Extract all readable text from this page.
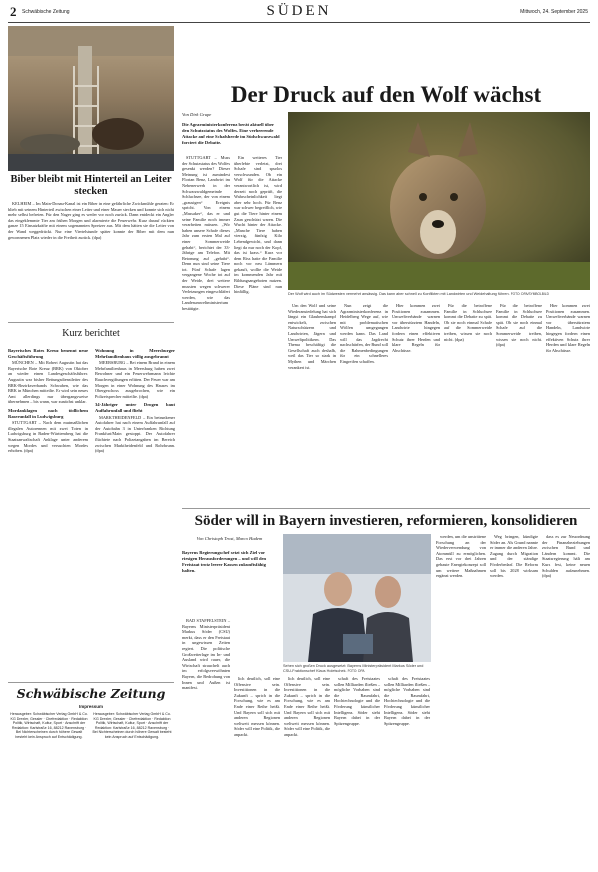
2 Schwäbische Zeitung	SÜDEN	Mittwoch, 24. September 2025
Biber bleibt mit Hinterteil an Leiter stecken

KELHEIM – Im Main-Donau-Kanal ist ein Biber in eine gefährliche Zwickmühle geraten: Er blieb mit seinem Hinterteil zwischen einer Leiter und einer Mauer stecken und konnte sich nicht mehr selbst befreien. Für den Nager ging es weder vor noch zurück. Dann entdeckt ein Angler das eingeklemmte Tier am frühen Morgen und alarmierte die Feuerwehr. Kurz darauf rückten ganze 15 Einsatzkräfte mit einem sogenannten Spreizer aus. Mit dem hätten sie die Leiter von der Wand weggedrückt. Nur eine Viertelstunde später konnte der Biber mit dem nun gewonnenen Platz wieder in die Freiheit zurück. (dpa)

Kurz berichtet
Bayerisches Rotes Kreuz benennt neue Geschäftsführung

MÜNCHEN – Mit Robert Augustin hat das Bayerische Rote Kreuz (BRK) von Oktober an wieder einen Landesgeschäftsführer. Augustin war bisher Rettungsdienstleiter des BRK-Bezirksverbands Schwaben, wie das BRK in München mitteilte. Er wird sein neues Amt allerdings nur übergangsweise übernehmen – bis wann, war zunächst unklar.

Mordanklagen nach tödlichem Raserunfall in Ludwigsburg

STUTTGART – Nach dem mutmaßlichen illegalen Autorennen mit zwei Toten in Ludwigsburg in Baden-Württemberg hat die Staatsanwaltschaft Anklage unter anderem wegen Mordes und versuchten Mordes erhoben. (dpa)

Wohnung in Meersburger Mehrfamilienhaus völlig ausgebrannt

MEERSBURG – Bei einem Brand in einem Mehrfamilienhaus in Meersburg haben zwei Bewohner und ein Feuerwehrmann leichte Rauchvergiftungen erlitten. Der Feuer war am Morgen in einer Wohnung des Hauses im Obergeschoss ausgebrochen, wie ein Polizeisprecher mitteilte. (dpa)

34-Jähriger unter Drogen baut Auffahrunfall und flieht

MARKTHEIDENFELD – Ein betrunkener Autofahrer hat nach einem Auffahrunfall auf der Autobahn 3 in Unterfranken Richtung Frankfurt/Main gestoppt. Der Autofahrer flüchtete nach Polizeiangaben im Bereich zwischen Marktheidenfeld und Rohrbrunn. (dpa)

Schwäbische Zeitung
Impressum
Herausgeber: Schwäbischer Verlag GmbH & Co. KG Drexler, Gessler · Chefredaktion · Redaktion Politik, Wirtschaft, Kultur, Sport · Anschrift der Redaktion: Karlstraße 16, 88212 Ravensburg · Bei Nichterscheinen durch höhere Gewalt besteht kein Anspruch auf Entschädigung.
Herausgeber: Schwäbischer Verlag GmbH & Co. KG Drexler, Gessler · Chefredaktion · Redaktion Politik, Wirtschaft, Kultur, Sport · Anschrift der Redaktion: Karlstraße 16, 88212 Ravensburg · Bei Nichterscheinen durch höhere Gewalt besteht kein Anspruch auf Entschädigung.
Der Druck auf den Wolf wächst
Von Dirk Grupe
Die Agrarministerkonferenz berät aktuell über den Schutzstatus des Wolfes. Eine verheerende Attacke auf eine Schafsherde im Südschwarzwald forciert die Debatte.

STUTTGART – Muss der Schutzstatus des Wolfes gesenkt werden? Dieser Meinung ist zumindest Florian Benz, Landwirt im Nebenerwerb in der Schwarzwaldgemeinde Schluchsee, der von einem „grausigen“ Ereignis spricht. Von einem „Massaker“, das er und seine Familie noch immer verarbeiten müssen. „Wir haben unsere Schafe dieses Jahr zum ersten Mal auf einer Sommerweide gehabt“, berichtet der 33-Jährige am Telefon. Mit Betonung auf „gehabt“. Denn nun sind seine Tiere tot. Fünf Schafe lagen vergangene Woche tot auf der Weide, drei weitere mussten wegen schwerer Verletzungen eingeschläfert werden, wie das Landesumweltministerium bestätigte.

Ein weiteres Tier überlebte verletzt, drei Schafe sind spurlos verschwunden. Ob ein Wolf für die Attacke verantwortlich ist, wird derzeit noch geprüft, die Wahrscheinlichkeit liegt aber sehr hoch. Für Benz war schwer begreiflich, wie gut die Tiere hinter einem Zaun geschützt waren. Die Wucht hinter der Attacke. „Manche Tiere haben vierzig, fünfzig Kilo Lebendgewicht, und dann liegt da nur noch der Kopf, das ist krass.“ Kurz vor dem Riss hatte die Familie noch vor neu Lämmern gekauft, wollte die Weide im kommenden Jahr mit Bildungsangeboten nutzen. Diese Pläne sind nun hinfällig.	Der Wolf wird auch im Südwesten vermehrt ansässig. Das kann aber schnell zu Konflikten mit Landwirten und Weidehaltung führen. FOTO: DPA/SYMBOLBILD

Um den Wolf und seine Wiederansiedelung hat sich längst ein Glaubenskampf entwickelt, zwischen Naturschützern und Landwirten, Jägern und Umweltpolitikern. Das Thema beschäftigt die Gesellschaft auch deshalb, weil das Tier so stark in Mythen und Märchen verankert ist.

Nun zeigt die Agrarministerkonferenz in Heidelberg Wege auf, wie mit problematischen Wölfen umgegangen werden kann. Das Land will das Jagdrecht nachschärfen, der Bund soll die Rahmenbedingungen für ein schnelleres Eingreifen schaffen.

Hier kommen zwei Positionen zusammen. Umweltverbände warnen vor überstürztem Handeln, Landwirte hingegen fordern einen effektiven Schutz ihrer Herden und klare Regeln für Abschüsse.

Für die betroffene Familie in Schluchsee kommt die Debatte zu spät. Ob sie noch einmal Schafe auf die Sommerweide treiben, wissen sie noch nicht. (dpa)

Für die betroffene Familie in Schluchsee kommt die Debatte zu spät. Ob sie noch einmal Schafe auf die Sommerweide treiben, wissen sie noch nicht. (dpa)

Hier kommen zwei Positionen zusammen. Umweltverbände warnen vor überstürztem Handeln, Landwirte hingegen fordern einen effektiven Schutz ihrer Herden und klare Regeln für Abschüsse.

Söder will in Bayern investieren, reformieren, konsolidieren
Von Christoph Trost, Marco Hadem
Bayerns Regierungschef setzt sich Ziel vor riesigen Herausforderungen – und will den Freistaat trotz leerer Kassen zukunftsfähig halten.
Sehen sich großen Druck ausgesetzt: Bayerns Ministerpräsident Markus Söder und CSU-Fraktionschef Klaus Holetschek. FOTO: DPA

BAD STAFFELSTEIN – Bayerns Ministerpräsident Markus Söder (CSU) merkt, dass er den Freistaat in ungewissen Zeiten regiert. Die politische Großwetterlage im In- und Ausland wird rauer, die Wirtschaft strauchelt auch im erfolgsverwöhnten Bayern, die Bedrohung von Innen und Außen ist manifest.

lich deutlich, soll eine Offensive sein. Investitionen in die Zukunft – sprich in die Forschung, wie es am Ende einer Reihe heißt. Und Bayern soll sich mit anderen Regionen weltweit messen können. Söder will eine Politik, die anpackt.

lich deutlich, soll eine Offensive sein. Investitionen in die Zukunft – sprich in die Forschung, wie es am Ende einer Reihe heißt. Und Bayern soll sich mit anderen Regionen weltweit messen können. Söder will eine Politik, die anpackt.

schaft des Freistaates sollen Milliarden fließen – mögliche Vorhaben sind die Raumfahrt, Hochtechnologie und die Förderung künstlicher Intelligenz. Söder sieht Bayern dabei in der Spitzengruppe.

schaft des Freistaates sollen Milliarden fließen – mögliche Vorhaben sind die Raumfahrt, Hochtechnologie und die Förderung künstlicher Intelligenz. Söder sieht Bayern dabei in der Spitzengruppe.

werden, um die unstrittene Forschung an der Wiederverwendung von Atommüll zu ermöglichen. Das erst vor drei Jahren gebaute Energiekonzept soll um weitere Maßnahmen ergänzt werden.

Weg bringen, kündigte Söder an. Als Grund nannte er immer die anderen Jahre. Zugang durch Migration und der ständige Förderbedarf. Die Reform soll bis 2028 wirksam werden.

dass es zur Neuordnung der Finanzbeziehungen zwischen Bund und Ländern kommt. Die Staatsregierung hält am Kurs fest, keine neuen Schulden aufzunehmen. (dpa)
